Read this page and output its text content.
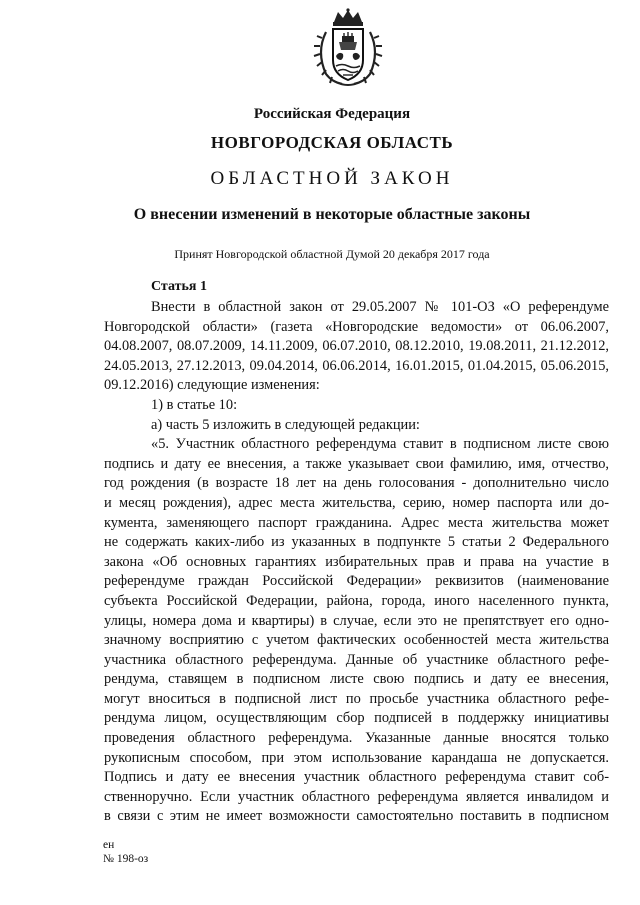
Российская Федерация
НОВГОРОДСКАЯ ОБЛАСТЬ
ОБЛАСТНОЙ ЗАКОН
О внесении изменений в некоторые областные законы
Принят Новгородской областной Думой 20 декабря 2017 года
Статья 1

Внести в областной закон от 29.05.2007 № 101-ОЗ «О референдуме

Новгородской области» (газета «Новгородские ведомости» от 06.06.2007,

04.08.2007, 08.07.2009, 14.11.2009, 06.07.2010, 08.12.2010, 19.08.2011, 21.12.2012,

24.05.2013, 27.12.2013, 09.04.2014, 06.06.2014, 16.01.2015, 01.04.2015, 05.06.2015,

09.12.2016) следующие изменения:

1) в статье 10:

а) часть 5 изложить в следующей редакции:

«5. Участник областного референдума ставит в подписном листе свою

подпись и дату ее внесения, а также указывает свои фамилию, имя, отчество,

год рождения (в возрасте 18 лет на день голосования - дополнительно число

и месяц рождения), адрес места жительства, серию, номер паспорта или до-

кумента, заменяющего паспорт гражданина. Адрес места жительства может

не содержать каких-либо из указанных в подпункте 5 статьи 2 Федерального

закона «Об основных гарантиях избирательных прав и права на участие в

референдуме граждан Российской Федерации» реквизитов (наименование

субъекта Российской Федерации, района, города, иного населенного пункта,

улицы, номера дома и квартиры) в случае, если это не препятствует его одно-

значному восприятию с учетом фактических особенностей места жительства

участника областного референдума. Данные об участнике областного рефе-

рендума, ставящем в подписном листе свою подпись и дату ее внесения,

могут вноситься в подписной лист по просьбе участника областного рефе-

рендума лицом, осуществляющим сбор подписей в поддержку инициативы

проведения областного референдума. Указанные данные вносятся только

рукописным способом, при этом использование карандаша не допускается.

Подпись и дату ее внесения участник областного референдума ставит соб-

ственноручно. Если участник областного референдума является инвалидом и

в связи с этим не имеет возможности самостоятельно поставить в подписном

ен
№ 198-оз
